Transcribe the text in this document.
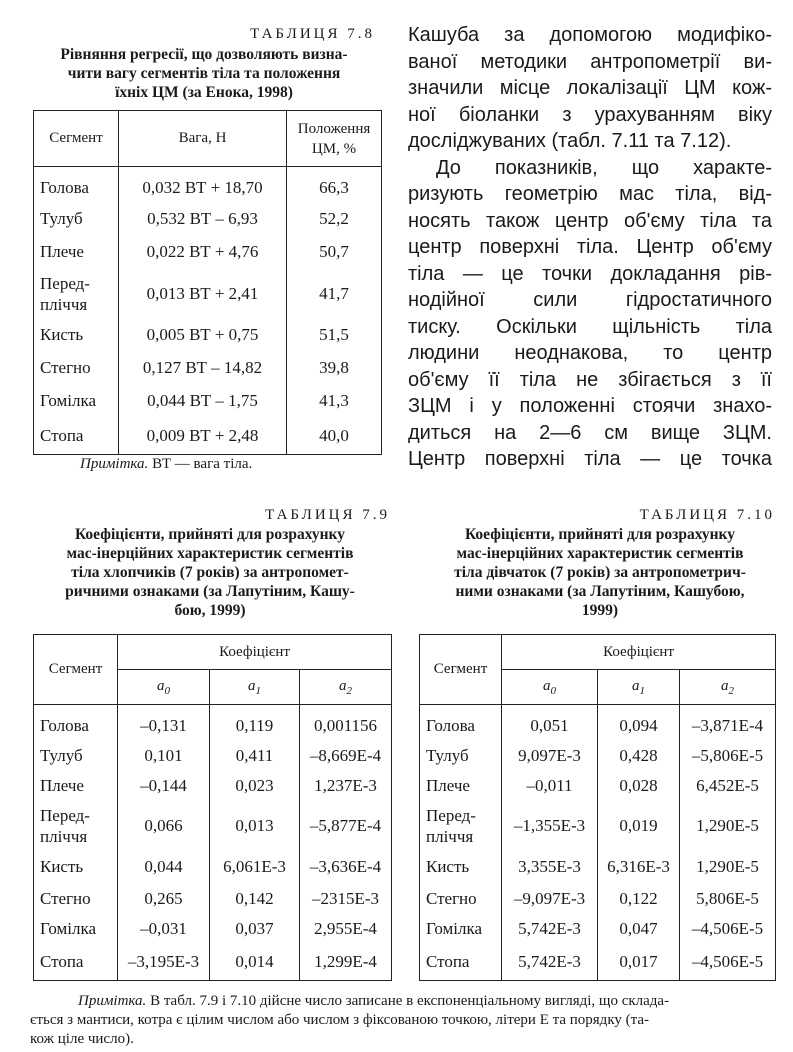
ТАБЛИЦЯ 7.8
Рівняння регресії, що дозволяють визна-
чити вагу сегментів тіла та положення
їхніх ЦМ (за Енока, 1998)
Сегмент	Вага, Н	Положення ЦМ, %
Голова	0,032 ВТ + 18,70	66,3
Тулуб	0,532 ВТ – 6,93	52,2
Плече	0,022 ВТ + 4,76	50,7
Перед-
пліччя	0,013 ВТ + 2,41	41,7
Кисть	0,005 ВТ + 0,75	51,5
Стегно	0,127 ВТ – 14,82	39,8
Гомілка	0,044 ВТ – 1,75	41,3
Стопа	0,009 ВТ + 2,48	40,0
Примітка. ВТ — вага тіла.

Кашуба за допомогою модифіко-

ваної методики антропометрії ви-

значили місце локалізації ЦМ кож-

ної біоланки з урахуванням віку

досліджуваних (табл. 7.11 та 7.12).

До показників, що характе-

ризують геометрію мас тіла, від-

носять також центр об'єму тіла та

центр поверхні тіла. Центр об'єму

тіла — це точки докладання рів-

нодійної сили гідростатичного

тиску. Оскільки щільність тіла

людини неоднакова, то центр

об'єму її тіла не збігається з її

ЗЦМ і у положенні стоячи знахо-

диться на 2—6 см вище ЗЦМ.

Центр поверхні тіла — це точка

ТАБЛИЦЯ 7.9
Коефіцієнти, прийняті для розрахунку
мас-інерційних характеристик сегментів
тіла хлопчиків (7 років) за антропомет-
ричними ознаками (за Лапутіним, Кашу-
бою, 1999)
Сегмент	Коефіцієнт		
	$a_0$	$a_1$	$a_2$
Голова	–0,131	0,119	0,001156
Тулуб	0,101	0,411	–8,669Е-4
Плече	–0,144	0,023	1,237Е-3
Перед-
пліччя	0,066	0,013	–5,877Е-4
Кисть	0,044	6,061Е-3	–3,636Е-4
Стегно	0,265	0,142	–2315Е-3
Гомілка	–0,031	0,037	2,955Е-4
Стопа	–3,195Е-3	0,014	1,299Е-4
ТАБЛИЦЯ 7.10
Коефіцієнти, прийняті для розрахунку
мас-інерційних характеристик сегментів
тіла дівчаток (7 років) за антропометрич-
ними ознаками (за Лапутіним, Кашубою,
1999)
Сегмент	Коефіцієнт		
	$a_0$	$a_1$	$a_2$
Голова	0,051	0,094	–3,871Е-4
Тулуб	9,097Е-3	0,428	–5,806Е-5
Плече	–0,011	0,028	6,452Е-5
Перед-
пліччя	–1,355Е-3	0,019	1,290Е-5
Кисть	3,355Е-3	6,316Е-3	1,290Е-5
Стегно	–9,097Е-3	0,122	5,806Е-5
Гомілка	5,742Е-3	0,047	–4,506Е-5
Стопа	5,742Е-3	0,017	–4,506Е-5
Примітка. В табл. 7.9 і 7.10 дійсне число записане в експоненціальному вигляді, що склада-
ється з мантиси, котра є цілим числом або числом з фіксованою точкою, літери Е та порядку (та-
кож ціле число).
